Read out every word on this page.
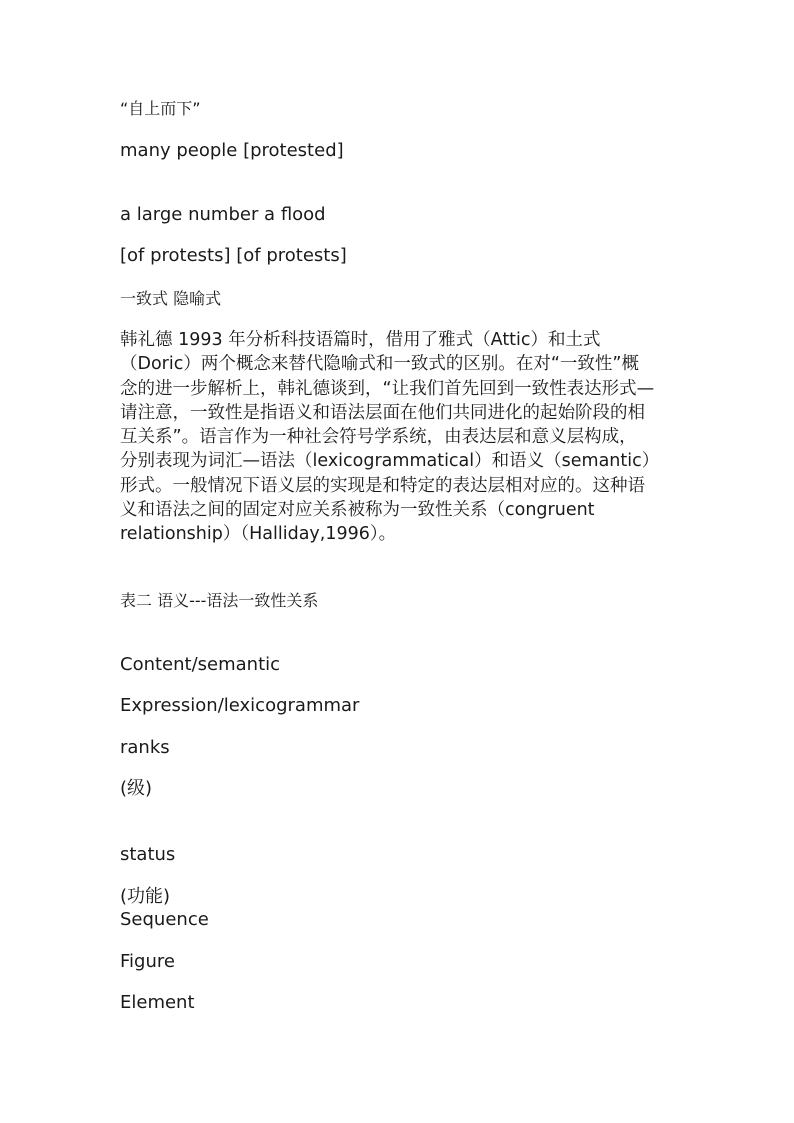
“自上而下”
many people [protested]
a large number a flood
[of protests] [of protests]
一致式 隐喻式

韩礼德 1993 年分析科技语篇时，借用了雅式（Attic）和土式

（Doric）两个概念来替代隐喻式和一致式的区别。在对“一致性”概

念的进一步解析上，韩礼德谈到，“让我们首先回到一致性表达形式—

请注意，一致性是指语义和语法层面在他们共同进化的起始阶段的相

互关系”。语言作为一种社会符号学系统，由表达层和意义层构成，

分别表现为词汇—语法（lexicogrammatical）和语义（semantic）

形式。一般情况下语义层的实现是和特定的表达层相对应的。这种语

义和语法之间的固定对应关系被称为一致性关系（congruent

relationship）（Halliday,1996）。

表二 语义---语法一致性关系
Content/semantic
Expression/lexicogrammar
ranks
(级)
status
(功能)
Sequence
Figure
Element
